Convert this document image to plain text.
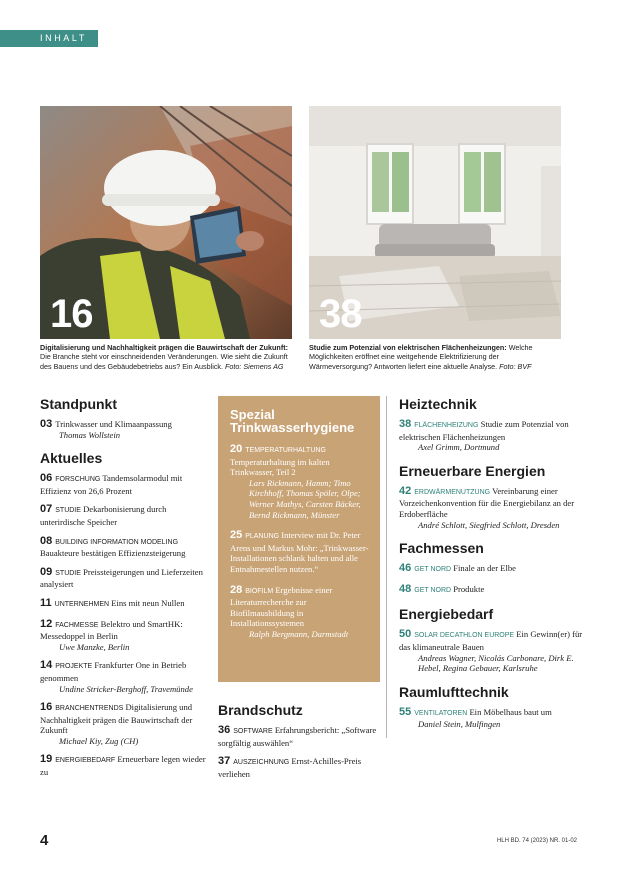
INHALT
16	38
Digitalisierung und Nachhaltigkeit prägen die Bauwirtschaft der Zukunft: Die Branche steht vor einschneidenden Veränderungen. Wie sieht die Zukunft des Bauens und des Gebäudebetriebs aus? Ein Ausblick. Foto: Siemens AG
Studie zum Potenzial von elektrischen Flächenheizungen: Welche Möglichkeiten eröffnet eine weitgehende Elektrifizierung der Wärmeversorgung? Antworten liefert eine aktuelle Analyse. Foto: BVF
Standpunkt
03 Trinkwasser und Klimaanpassung
Thomas Wollstein
Aktuelles
06 FORSCHUNG Tandemsolarmodul mit Effizienz von 26,6 Prozent
07 STUDIE Dekarbonisierung durch unterirdische Speicher
08 BUILDING INFORMATION MODELING Bauakteure bestätigen Effizienzsteigerung
09 STUDIE Preissteigerungen und Lieferzeiten analysiert
11 UNTERNEHMEN Eins mit neun Nullen
12 FACHMESSE Belektro und SmartHK: Messedoppel in Berlin
Uwe Manzke, Berlin
14 PROJEKTE Frankfurter One in Betrieb genommen
Undine Stricker-Berghoff, Travemünde
16 BRANCHENTRENDS Digitalisierung und Nachhaltigkeit prägen die Bauwirtschaft der Zukunft
Michael Kiy, Zug (CH)
19 ENERGIEBEDARF Erneuerbare legen wieder zu
Spezial
Trinkwasserhygiene
20 TEMPERATURHALTUNG Temperaturhaltung im kalten Trinkwasser, Teil 2
Lars Rickmann, Hamm; Timo Kirchhoff, Thomas Spöler, Olpe; Werner Mathys, Carsten Bäcker, Bernd Rickmann, Münster
25 PLANUNG Interview mit Dr. Peter Arens und Markus Mohr: „Trinkwasser-Installationen schlank halten und alle Entnahmestellen nutzen.“
28 BIOFILM Ergebnisse einer Literaturrecherche zur Biofilmausbildung in Installationssystemen
Ralph Bergmann, Darmstadt
Brandschutz
36 SOFTWARE Erfahrungsbericht: „Software sorgfältig auswählen“
37 AUSZEICHNUNG Ernst-Achilles-Preis verliehen
Heiztechnik
38 FLÄCHENHEIZUNG Studie zum Potenzial von elektrischen Flächenheizungen
Axel Grimm, Dortmund
Erneuerbare Energien
42 ERDWÄRMENUTZUNG Vereinbarung einer Vorzeichenkonvention für die Energiebilanz an der Erdoberfläche
André Schlott, Siegfried Schlott, Dresden
Fachmessen
46 GET NORD Finale an der Elbe
48 GET NORD Produkte
Energiebedarf
50 SOLAR DECATHLON EUROPE Ein Gewinn(er) für das klimaneutrale Bauen
Andreas Wagner, Nicolás Carbonare, Dirk E. Hebel, Regina Gebauer, Karlsruhe
Raumlufttechnik
55 VENTILATOREN Ein Möbelhaus baut um
Daniel Stein, Mulfingen
4	HLH BD. 74 (2023) NR. 01-02
